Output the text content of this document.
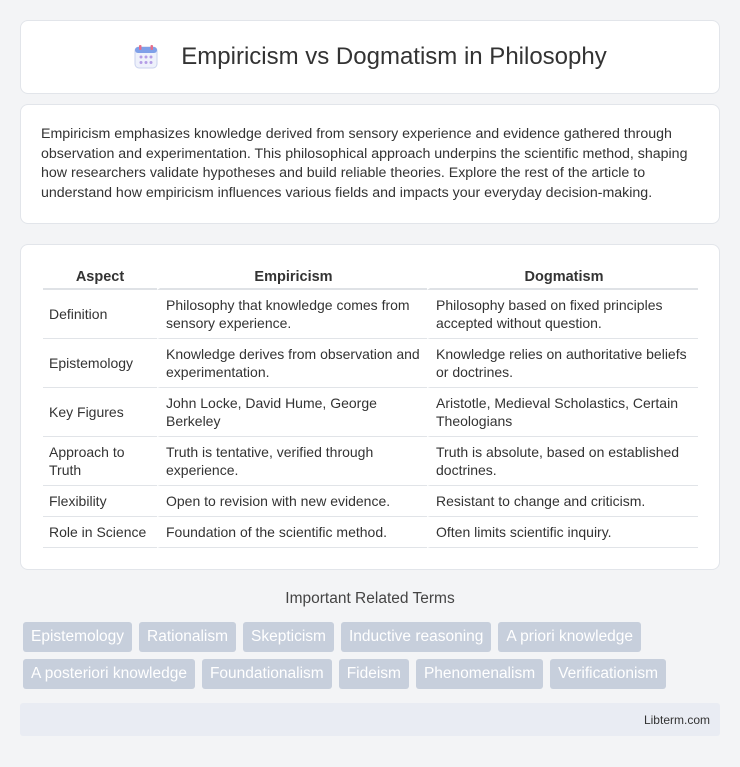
Empiricism vs Dogmatism in Philosophy

Empiricism emphasizes knowledge derived from sensory experience and evidence gathered through observation and experimentation. This philosophical approach underpins the scientific method, shaping how researchers validate hypotheses and build reliable theories. Explore the rest of the article to understand how empiricism influences various fields and impacts your everyday decision-making.

Aspect	Empiricism	Dogmatism
Definition	Philosophy that knowledge comes from sensory experience.	Philosophy based on fixed principles accepted without question.
Epistemology	Knowledge derives from observation and experimentation.	Knowledge relies on authoritative beliefs or doctrines.
Key Figures	John Locke, David Hume, George Berkeley	Aristotle, Medieval Scholastics, Certain Theologians
Approach to Truth	Truth is tentative, verified through experience.	Truth is absolute, based on established doctrines.
Flexibility	Open to revision with new evidence.	Resistant to change and criticism.
Role in Science	Foundation of the scientific method.	Often limits scientific inquiry.
Important Related Terms
Epistemology	Rationalism	Skepticism	Inductive reasoning	A priori knowledge
A posteriori knowledge	Foundationalism	Fideism	Phenomenalism	Verificationism
Libterm.com
